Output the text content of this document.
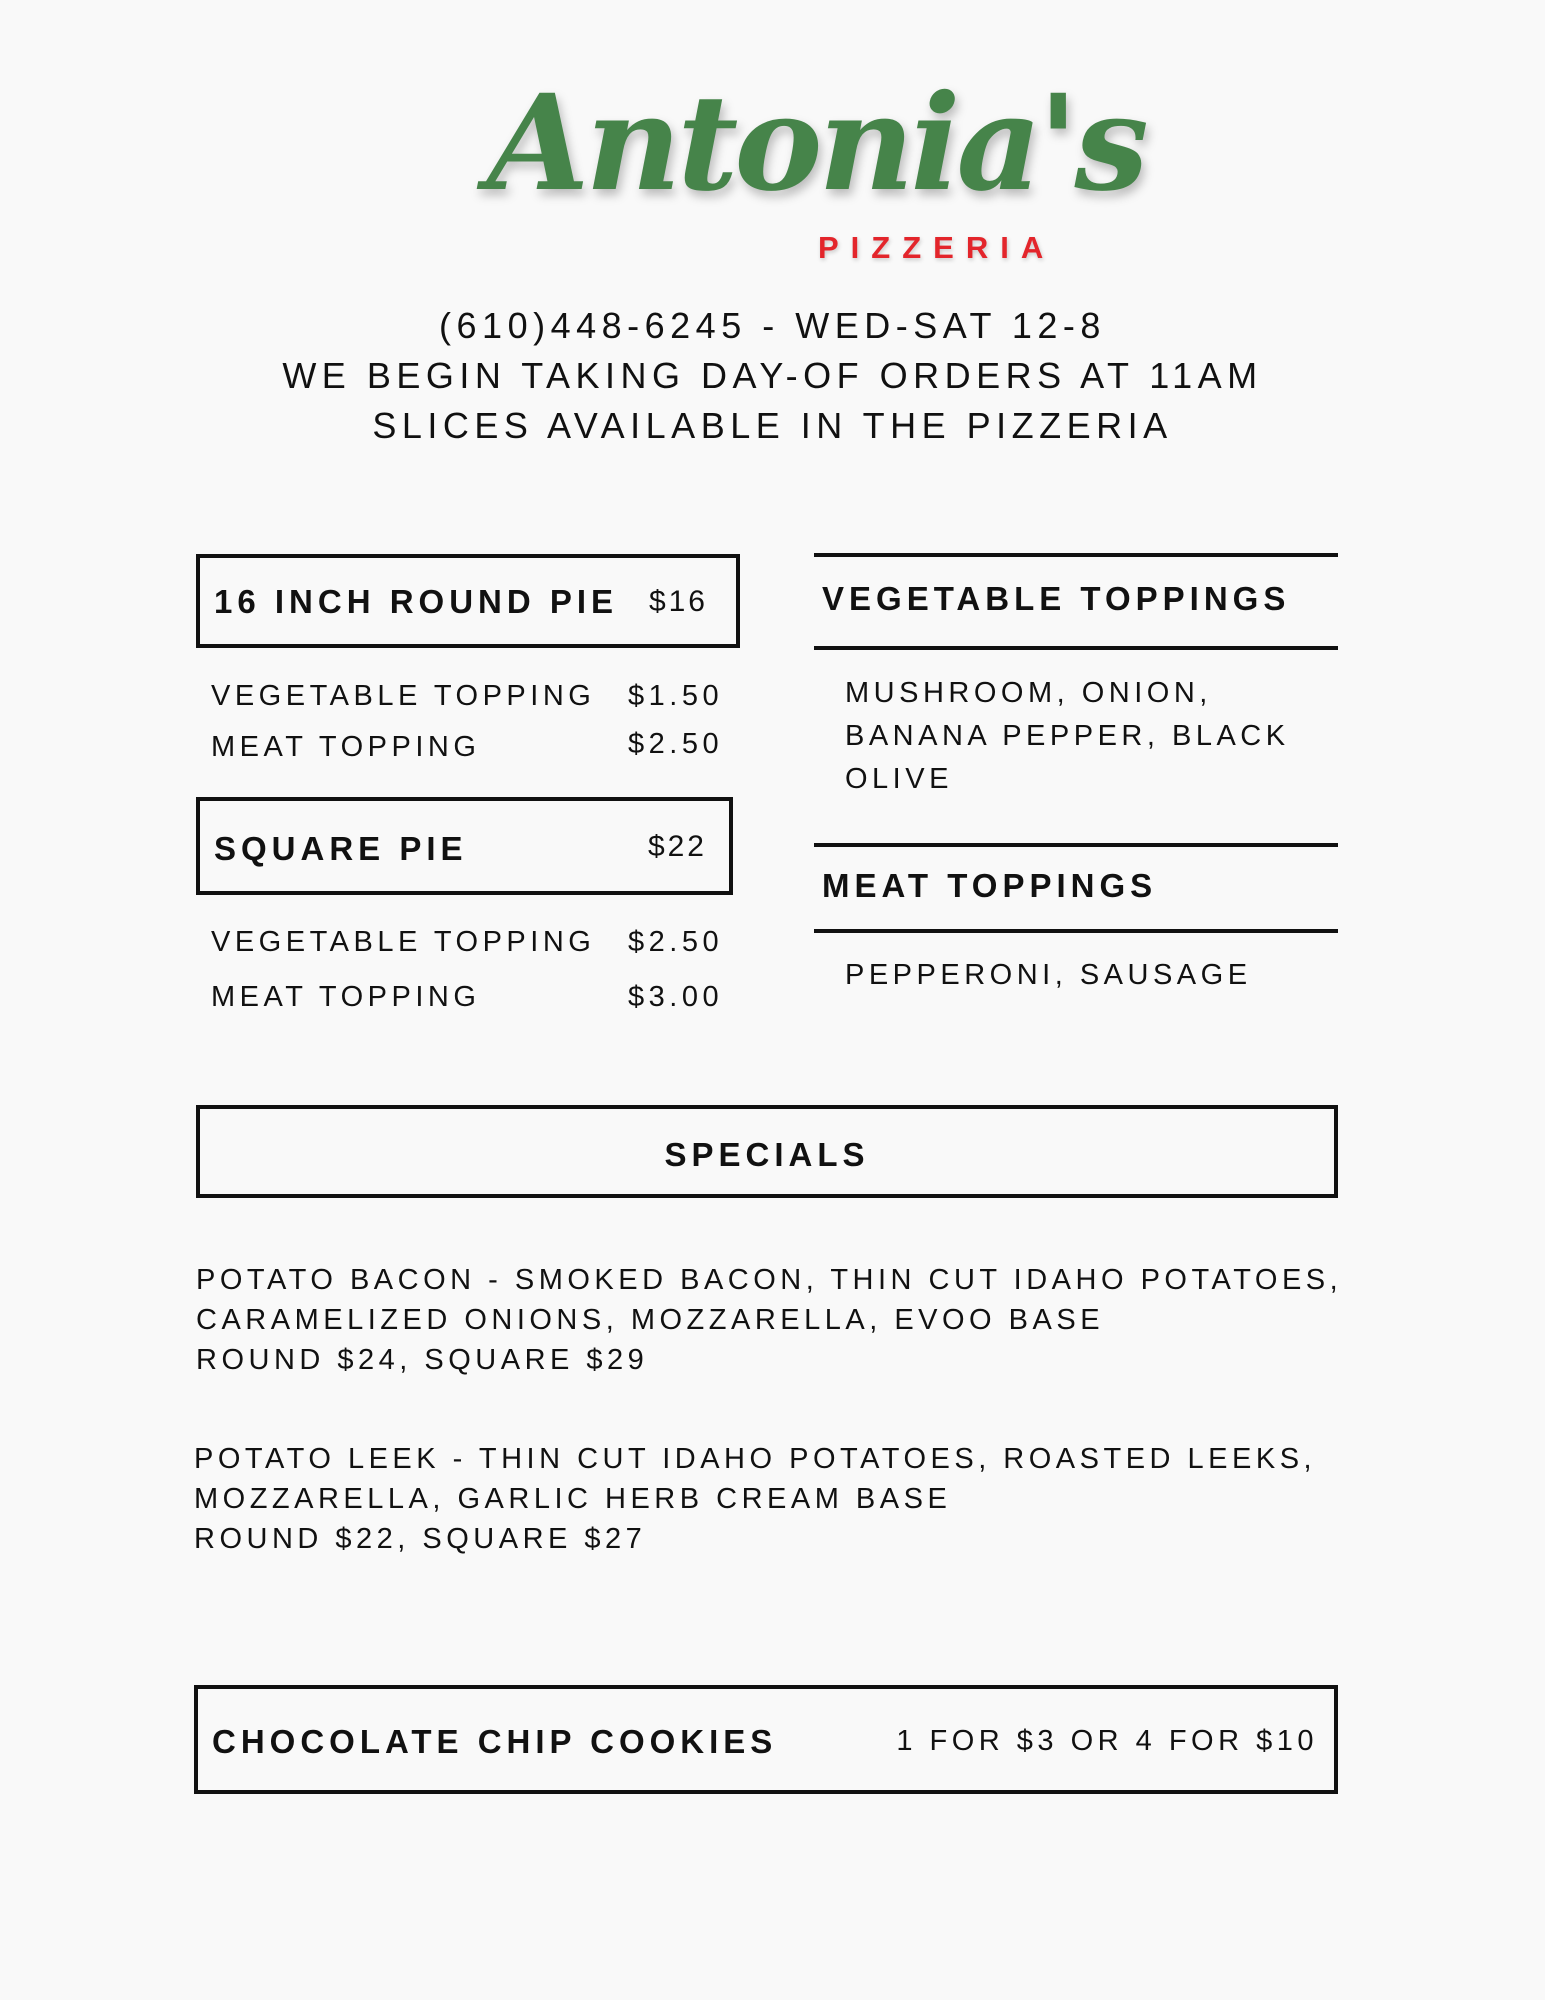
Antonia's
PIZZERIA
(610)448-6245 - WED-SAT 12-8
WE BEGIN TAKING DAY-OF ORDERS AT 11AM
SLICES AVAILABLE IN THE PIZZERIA
16 INCH ROUND PIE $16
VEGETABLE TOPPING $1.50
MEAT TOPPING	$2.50
SQUARE PIE	$22
VEGETABLE TOPPING $2.50
MEAT TOPPING	$3.00
VEGETABLE TOPPINGS
MUSHROOM, ONION,
BANANA PEPPER, BLACK
OLIVE
MEAT TOPPINGS
PEPPERONI, SAUSAGE
SPECIALS
POTATO BACON - SMOKED BACON, THIN CUT IDAHO POTATOES,
CARAMELIZED ONIONS, MOZZARELLA, EVOO BASE
ROUND $24, SQUARE $29
POTATO LEEK - THIN CUT IDAHO POTATOES, ROASTED LEEKS,
MOZZARELLA, GARLIC HERB CREAM BASE
ROUND $22, SQUARE $27
CHOCOLATE CHIP COOKIES	1 FOR $3 OR 4 FOR $10
